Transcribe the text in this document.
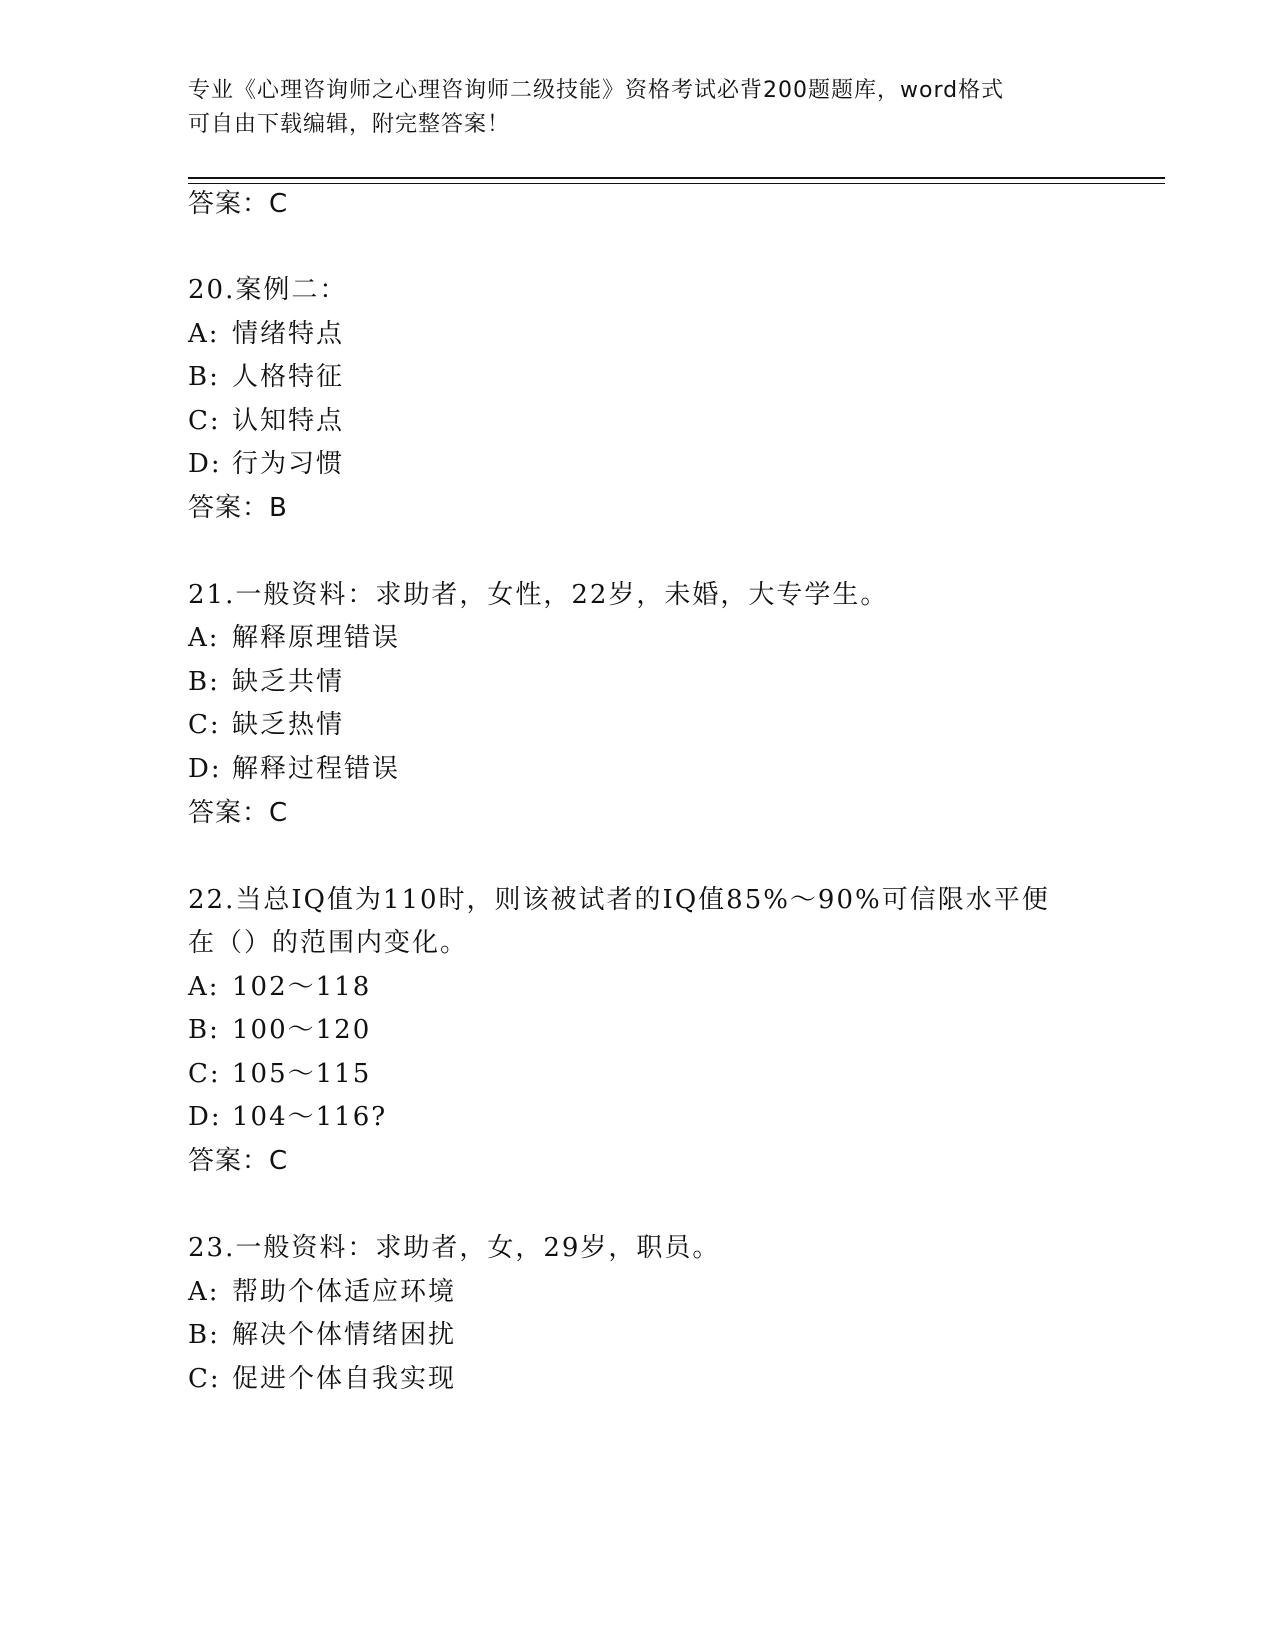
专业《心理咨询师之心理咨询师二级技能》资格考试必背200题题库，word格式
可自由下载编辑，附完整答案！
答案：C
20.案例二：
A: 情绪特点
B: 人格特征
C: 认知特点
D: 行为习惯
答案：B
21.一般资料：求助者，女性，22岁，未婚，大专学生。
A: 解释原理错误
B: 缺乏共情
C: 缺乏热情
D: 解释过程错误
答案：C
22.当总IQ值为110时，则该被试者的IQ值85%～90%可信限水平便
在（）的范围内变化。
A: 102～118
B: 100～120
C: 105～115
D: 104～116?
答案：C
23.一般资料：求助者，女，29岁，职员。
A: 帮助个体适应环境
B: 解决个体情绪困扰
C: 促进个体自我实现
